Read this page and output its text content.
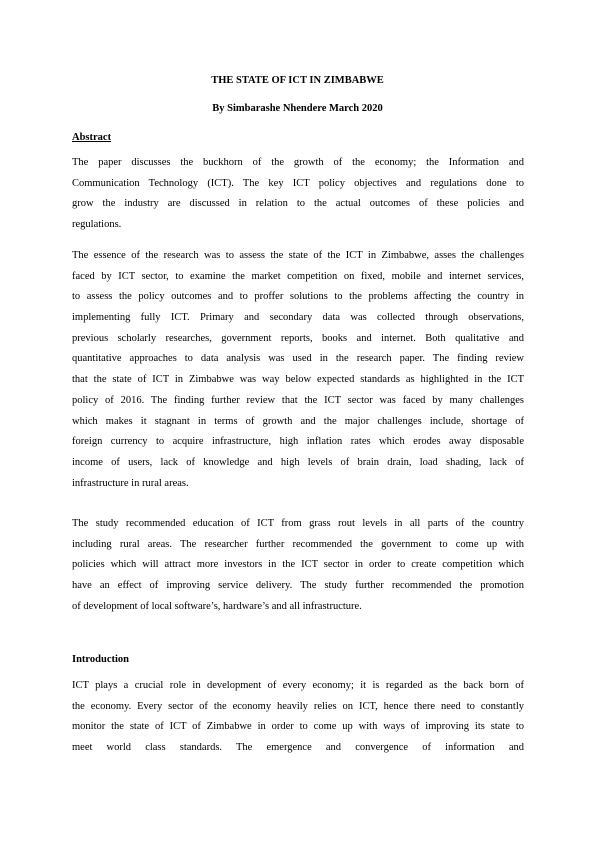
THE STATE OF ICT IN ZIMBABWE
By Simbarashe Nhendere March 2020
Abstract
The paper discusses the buckhorn of the growth of the economy; the Information and
Communication Technology (ICT). The key ICT policy objectives and regulations done to
grow the industry are discussed in relation to the actual outcomes of these policies and
regulations.
The essence of the research was to assess the state of the ICT in Zimbabwe, asses the challenges
faced by ICT sector, to examine the market competition on fixed, mobile and internet services,
to assess the policy outcomes and to proffer solutions to the problems affecting the country in
implementing fully ICT. Primary and secondary data was collected through observations,
previous scholarly researches, government reports, books and internet. Both qualitative and
quantitative approaches to data analysis was used in the research paper. The finding review
that the state of ICT in Zimbabwe was way below expected standards as highlighted in the ICT
policy of 2016. The finding further review that the ICT sector was faced by many challenges
which makes it stagnant in terms of growth and the major challenges include, shortage of
foreign currency to acquire infrastructure, high inflation rates which erodes away disposable
income of users, lack of knowledge and high levels of brain drain, load shading, lack of
infrastructure in rural areas.
The study recommended education of ICT from grass rout levels in all parts of the country
including rural areas. The researcher further recommended the government to come up with
policies which will attract more investors in the ICT sector in order to create competition which
have an effect of improving service delivery. The study further recommended the promotion
of development of local software’s, hardware’s and all infrastructure.
Introduction
ICT plays a crucial role in development of every economy; it is regarded as the back born of
the economy. Every sector of the economy heavily relies on ICT, hence there need to constantly
monitor the state of ICT of Zimbabwe in order to come up with ways of improving its state to
meet world class standards. The emergence and convergence of information and
